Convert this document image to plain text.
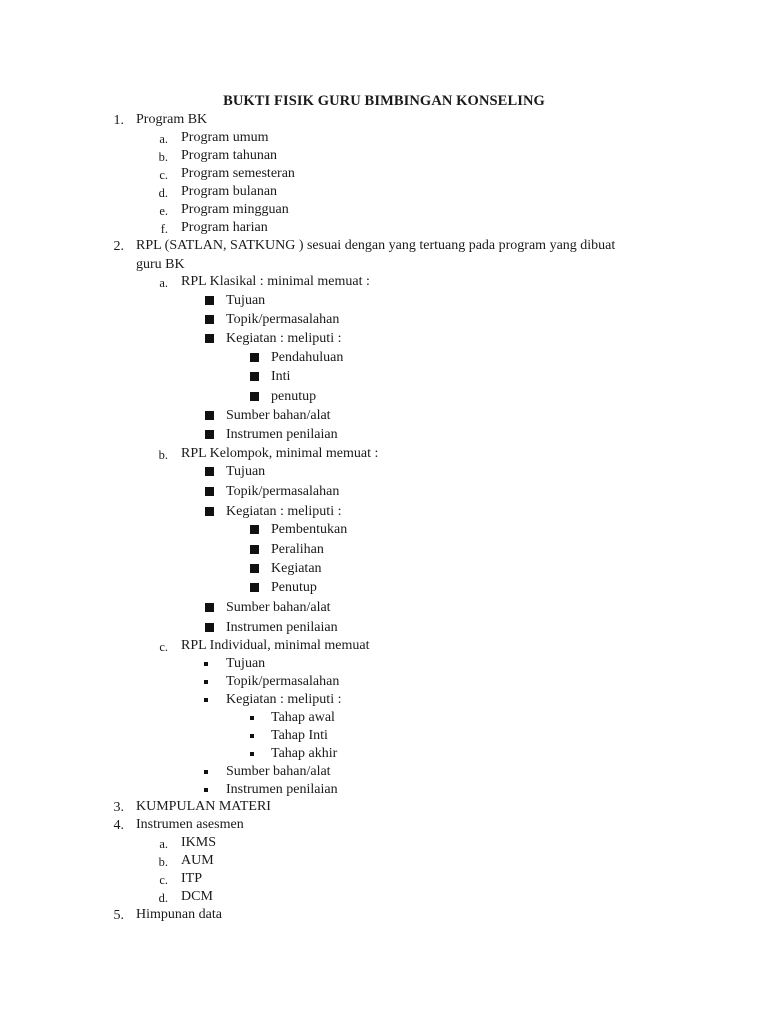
BUKTI FISIK GURU BIMBINGAN KONSELING
1. Program BK
a. Program umum
b. Program tahunan
c. Program semesteran
d. Program bulanan
e. Program mingguan
f. Program harian
2. RPL (SATLAN, SATKUNG ) sesuai dengan yang tertuang pada program yang dibuat
guru BK
a. RPL Klasikal : minimal memuat :
Tujuan
Topik/permasalahan
Kegiatan : meliputi :
Pendahuluan
Inti
penutup
Sumber bahan/alat
Instrumen penilaian
b. RPL Kelompok, minimal memuat :
Tujuan
Topik/permasalahan
Kegiatan : meliputi :
Pembentukan
Peralihan
Kegiatan
Penutup
Sumber bahan/alat
Instrumen penilaian
c. RPL Individual, minimal memuat
Tujuan
Topik/permasalahan
Kegiatan : meliputi :
Tahap awal
Tahap Inti
Tahap akhir
Sumber bahan/alat
Instrumen penilaian
3. KUMPULAN MATERI
4. Instrumen asesmen
a. IKMS
b. AUM
c. ITP
d. DCM
5. Himpunan data
